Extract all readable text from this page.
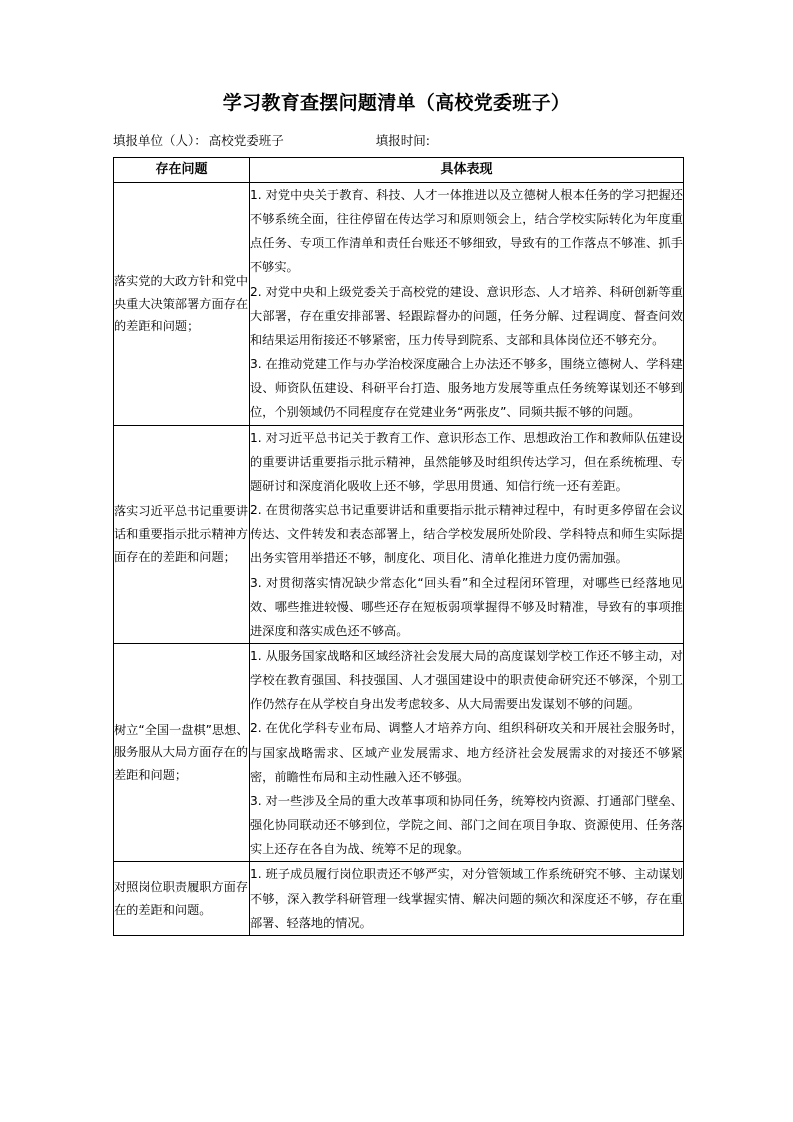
学习教育查摆问题清单（高校党委班子）
填报单位（人）： 高校党委班子	填报时间:
存在问题	具体表现
落实党的大政方针和党中央重大决策部署方面存在的差距和问题；	1. 对党中央关于教育、科技、人才一体推进以及立德树人根本任务的学习把握还不够系统全面，往往停留在传达学习和原则领会上，结合学校实际转化为年度重点任务、专项工作清单和责任台账还不够细致，导致有的工作落点不够准、抓手不够实。

2. 对党中央和上级党委关于高校党的建设、意识形态、人才培养、科研创新等重大部署，存在重安排部署、轻跟踪督办的问题，任务分解、过程调度、督查问效和结果运用衔接还不够紧密，压力传导到院系、支部和具体岗位还不够充分。

3. 在推动党建工作与办学治校深度融合上办法还不够多，围绕立德树人、学科建设、师资队伍建设、科研平台打造、服务地方发展等重点任务统筹谋划还不够到位，个别领域仍不同程度存在党建业务“两张皮”、同频共振不够的问题。

落实习近平总书记重要讲话和重要指示批示精神方面存在的差距和问题；	1. 对习近平总书记关于教育工作、意识形态工作、思想政治工作和教师队伍建设的重要讲话重要指示批示精神，虽然能够及时组织传达学习，但在系统梳理、专题研讨和深度消化吸收上还不够，学思用贯通、知信行统一还有差距。

2. 在贯彻落实总书记重要讲话和重要指示批示精神过程中，有时更多停留在会议传达、文件转发和表态部署上，结合学校发展所处阶段、学科特点和师生实际提出务实管用举措还不够，制度化、项目化、清单化推进力度仍需加强。

3. 对贯彻落实情况缺少常态化“回头看”和全过程闭环管理，对哪些已经落地见效、哪些推进较慢、哪些还存在短板弱项掌握得不够及时精准，导致有的事项推进深度和落实成色还不够高。

树立“全国一盘棋”思想、服务服从大局方面存在的差距和问题；	1. 从服务国家战略和区域经济社会发展大局的高度谋划学校工作还不够主动，对学校在教育强国、科技强国、人才强国建设中的职责使命研究还不够深，个别工作仍然存在从学校自身出发考虑较多、从大局需要出发谋划不够的问题。

2. 在优化学科专业布局、调整人才培养方向、组织科研攻关和开展社会服务时，与国家战略需求、区域产业发展需求、地方经济社会发展需求的对接还不够紧密，前瞻性布局和主动性融入还不够强。

3. 对一些涉及全局的重大改革事项和协同任务，统筹校内资源、打通部门壁垒、强化协同联动还不够到位，学院之间、部门之间在项目争取、资源使用、任务落实上还存在各自为战、统筹不足的现象。

对照岗位职责履职方面存在的差距和问题。	1. 班子成员履行岗位职责还不够严实，对分管领域工作系统研究不够、主动谋划不够，深入教学科研管理一线掌握实情、解决问题的频次和深度还不够，存在重部署、轻落地的情况。
